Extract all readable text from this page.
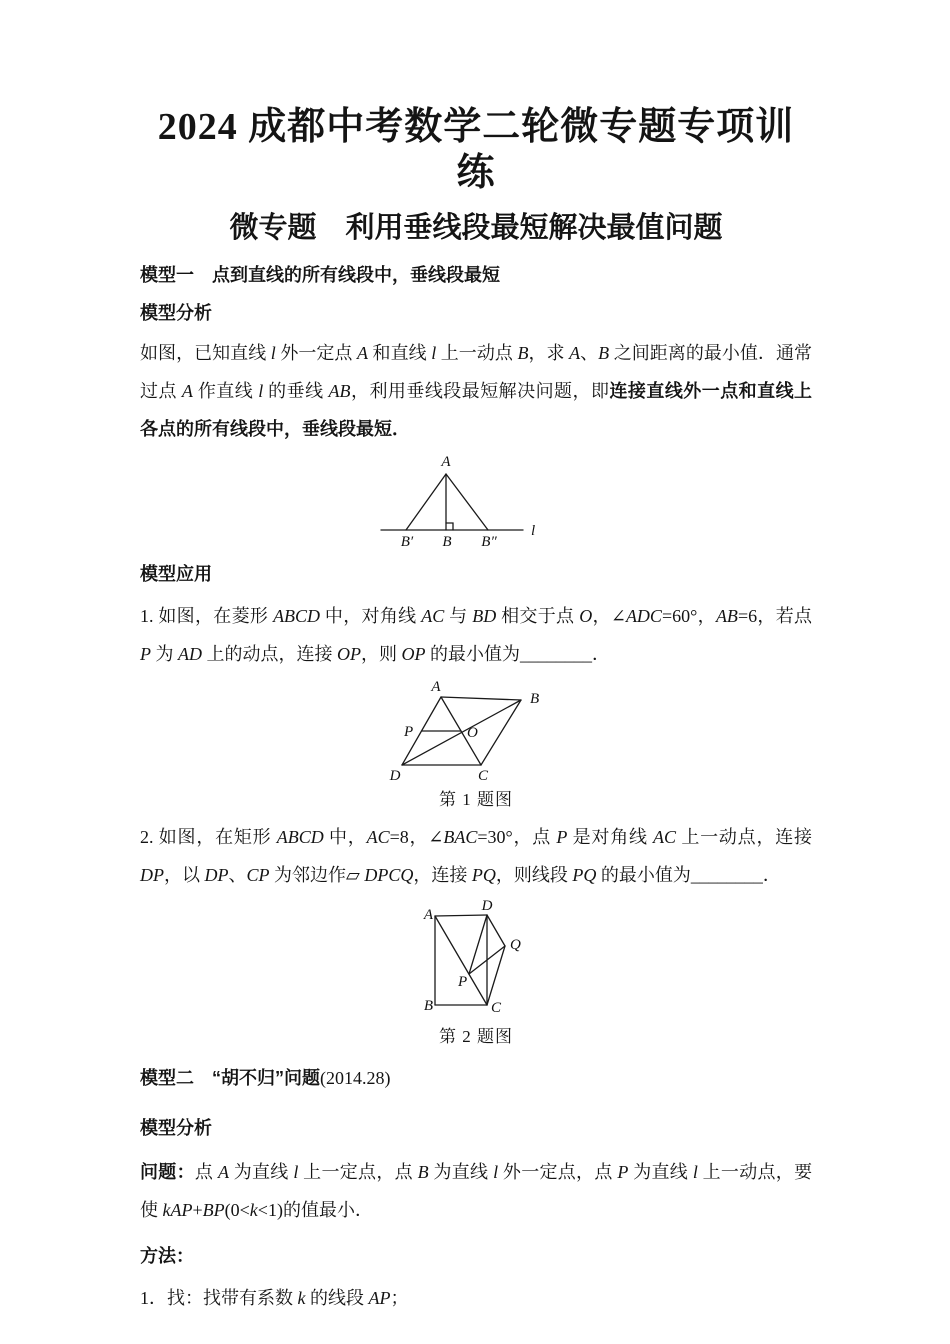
2024 成都中考数学二轮微专题专项训练
微专题　利用垂线段最短解决最值问题
模型一　点到直线的所有线段中，垂线段最短
模型分析

如图，已知直线 l 外一定点 A 和直线 l 上一动点 B，求 A、B 之间距离的最小值．通常过点 A 作直线 l 的垂线 AB，利用垂线段最短解决问题，即连接直线外一点和直线上各点的所有线段中，垂线段最短．

A
B′ B B″
l
模型应用

1. 如图，在菱形 ABCD 中，对角线 AC 与 BD 相交于点 O，∠ADC=60°，AB=6，若点 P 为 AD 上的动点，连接 OP，则 OP 的最小值为________．

A
B
C
D
O
P
第 1 题图

2. 如图，在矩形 ABCD 中，AC=8，∠BAC=30°，点 P 是对角线 AC 上一动点，连接 DP，以 DP、CP 为邻边作▱ DPCQ，连接 PQ，则线段 PQ 的最小值为________．

A
D
B	C
Q
P
第 2 题图
模型二　“胡不归”问题(2014.28)
模型分析

问题：点 A 为直线 l 上一定点，点 B 为直线 l 外一定点，点 P 为直线 l 上一动点，要使 kAP+BP(0<k<1)的值最小．

方法：

1．找：找带有系数 k 的线段 AP；
